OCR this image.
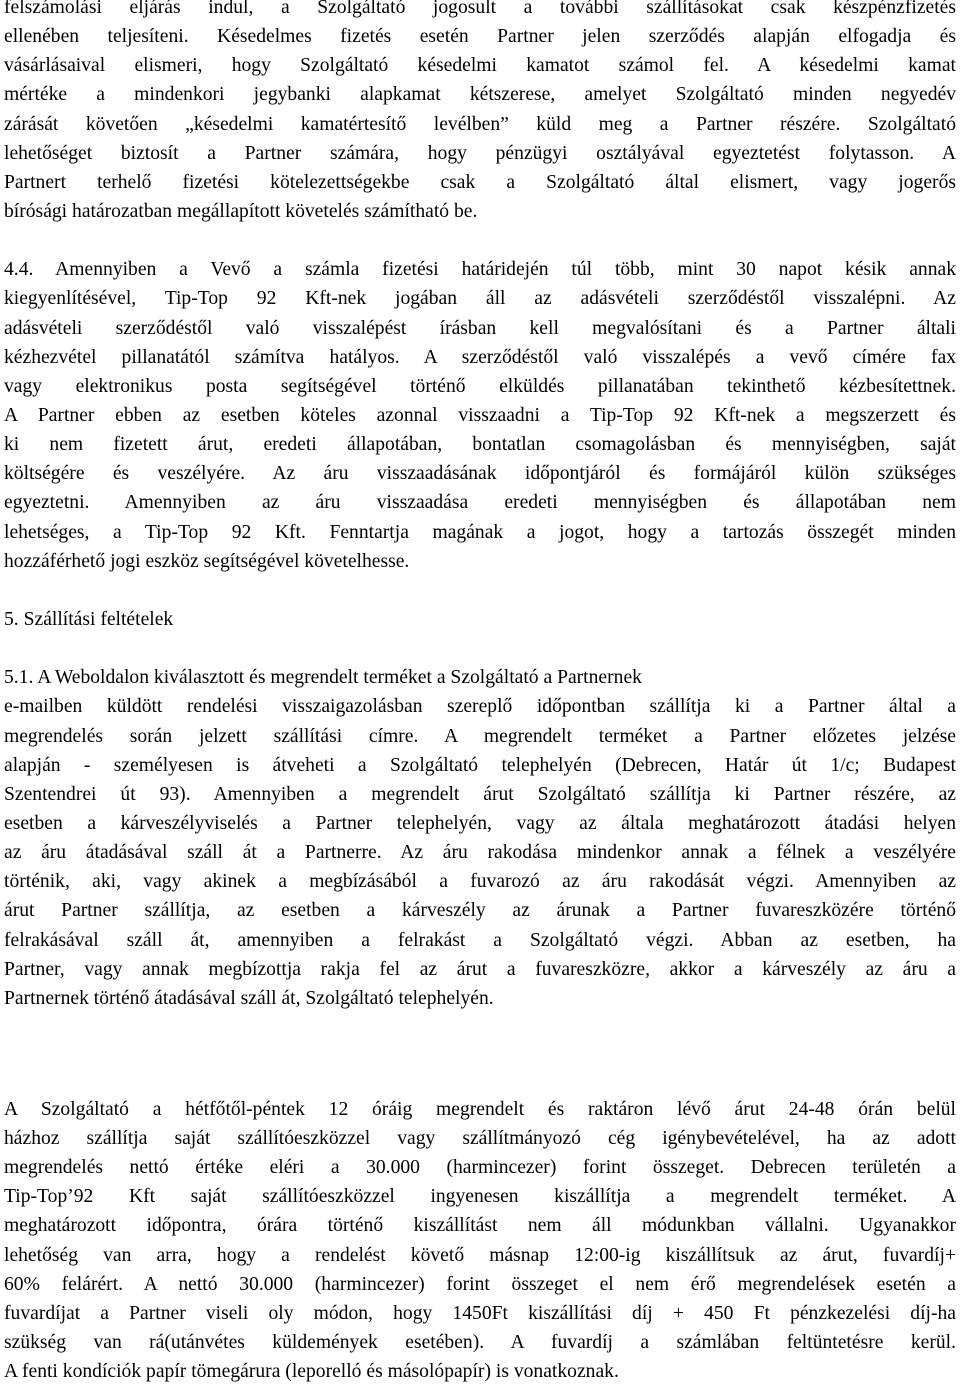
felszámolási eljárás indul, a Szolgáltató jogosult a további szállításokat csak készpénzfizetés
ellenében teljesíteni. Késedelmes fizetés esetén Partner jelen szerződés alapján elfogadja és
vásárlásaival elismeri, hogy Szolgáltató késedelmi kamatot számol fel. A késedelmi kamat
mértéke a mindenkori jegybanki alapkamat kétszerese, amelyet Szolgáltató minden negyedév
zárását követően „késedelmi kamatértesítő levélben” küld meg a Partner részére. Szolgáltató
lehetőséget biztosít a Partner számára, hogy pénzügyi osztályával egyeztetést folytasson. A
Partnert terhelő fizetési kötelezettségekbe csak a Szolgáltató által elismert, vagy jogerős
bírósági határozatban megállapított követelés számítható be.
4.4. Amennyiben a Vevő a számla fizetési határidején túl több, mint 30 napot késik annak
kiegyenlítésével, Tip-Top 92 Kft-nek jogában áll az adásvételi szerződéstől visszalépni. Az
adásvételi szerződéstől való visszalépést írásban kell megvalósítani és a Partner általi
kézhezvétel pillanatától számítva hatályos. A szerződéstől való visszalépés a vevő címére fax
vagy elektronikus posta segítségével történő elküldés pillanatában tekinthető kézbesítettnek.
A Partner ebben az esetben köteles azonnal visszaadni a Tip-Top 92 Kft-nek a megszerzett és
ki nem fizetett árut, eredeti állapotában, bontatlan csomagolásban és mennyiségben, saját
költségére és veszélyére. Az áru visszaadásának időpontjáról és formájáról külön szükséges
egyeztetni. Amennyiben az áru visszaadása eredeti mennyiségben és állapotában nem
lehetséges, a Tip-Top 92 Kft. Fenntartja magának a jogot, hogy a tartozás összegét minden
hozzáférhető jogi eszköz segítségével követelhesse.
5. Szállítási feltételek
5.1. A Weboldalon kiválasztott és megrendelt terméket a Szolgáltató a Partnernek
e-mailben küldött rendelési visszaigazolásban szereplő időpontban szállítja ki a Partner által a
megrendelés során jelzett szállítási címre. A megrendelt terméket a Partner előzetes jelzése
alapján - személyesen is átveheti a Szolgáltató telephelyén (Debrecen, Határ út 1/c; Budapest
Szentendrei út 93). Amennyiben a megrendelt árut Szolgáltató szállítja ki Partner részére, az
esetben a kárveszélyviselés a Partner telephelyén, vagy az általa meghatározott átadási helyen
az áru átadásával száll át a Partnerre. Az áru rakodása mindenkor annak a félnek a veszélyére
történik, aki, vagy akinek a megbízásából a fuvarozó az áru rakodását végzi. Amennyiben az
árut Partner szállítja, az esetben a kárveszély az árunak a Partner fuvareszközére történő
felrakásával száll át, amennyiben a felrakást a Szolgáltató végzi. Abban az esetben, ha
Partner, vagy annak megbízottja rakja fel az árut a fuvareszközre, akkor a kárveszély az áru a
Partnernek történő átadásával száll át, Szolgáltató telephelyén.
A Szolgáltató a hétfőtől-péntek 12 óráig megrendelt és raktáron lévő árut 24-48 órán belül
házhoz szállítja saját szállítóeszközzel vagy szállítmányozó cég igénybevételével, ha az adott
megrendelés nettó értéke eléri a 30.000 (harmincezer) forint összeget. Debrecen területén a
Tip-Top’92 Kft saját szállítóeszközzel ingyenesen kiszállítja a megrendelt terméket. A
meghatározott időpontra, órára történő kiszállítást nem áll módunkban vállalni. Ugyanakkor
lehetőség van arra, hogy a rendelést követő másnap 12:00-ig kiszállítsuk az árut, fuvardíj+
60% felárért. A nettó 30.000 (harmincezer) forint összeget el nem érő megrendelések esetén a
fuvardíjat a Partner viseli oly módon, hogy 1450Ft kiszállítási díj + 450 Ft pénzkezelési díj-ha
szükség van rá(utánvétes küldemények esetében). A fuvardíj a számlában feltüntetésre kerül.
A fenti kondíciók papír tömegárura (leporelló és másolópapír) is vonatkoznak.
